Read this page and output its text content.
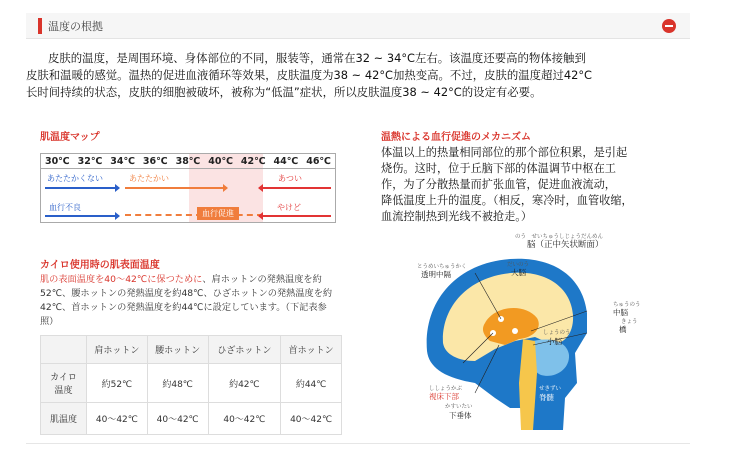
温度の根拠

皮肤的温度，是周围环境、身体部位的不同，服装等，通常在32 ~ 34°C左右。该温度还要高的物体接触到

皮肤和温暖的感觉。温热的促进血液循环等效果，皮肤温度为38 ~ 42°C加热变高。不过，皮肤的温度超过42°C
长时间持续的状态，皮肤的细胞被破坏，被称为“低温”症状，所以皮肤温度38 ~ 42°C的设定有必要。
肌温度マップ
30℃ 32℃ 34℃ 36℃ 38℃ 40℃ 42℃ 44℃ 46℃
あたたかくない	あたたかい	あつい
血行不良
血行促進
やけど
カイロ使用時の肌表面温度
肌の表面温度を40～42℃に保つために、肩ホットンの発熱温度を約52℃、腰ホットンの発熱温度を約48℃、ひざホットンの発熱温度を約42℃、首ホットンの発熱温度を約44℃に設定しています。（下記表参照）
	肩ホットン	腰ホットン	ひざホットン	首ホットン
カイロ
温度	約52℃	約48℃	約42℃	約44℃
肌温度	40～42℃	40～42℃	40～42℃	40～42℃
温熱による血行促進のメカニズム
体温以上的热量相同部位的那个部位积累，是引起
烧伤。这时，位于丘脑下部的体温调节中枢在工
作，为了分散热量而扩张血管，促进血液流动，
降低温度上升的温度。（相反，寒冷时，血管收缩，
血流控制热到光线不被抢走。）
のう　せいちゅうしじょうだんめん
脳（正中矢状断面）
だいのう
大脳
とうめいちゅうかく
透明中隔
ちゅうのう
中脳
きょう
橋
しょうのう
小脳
ししょうかぶ
視床下部
かすいたい
下垂体
せきずい
脊髄
